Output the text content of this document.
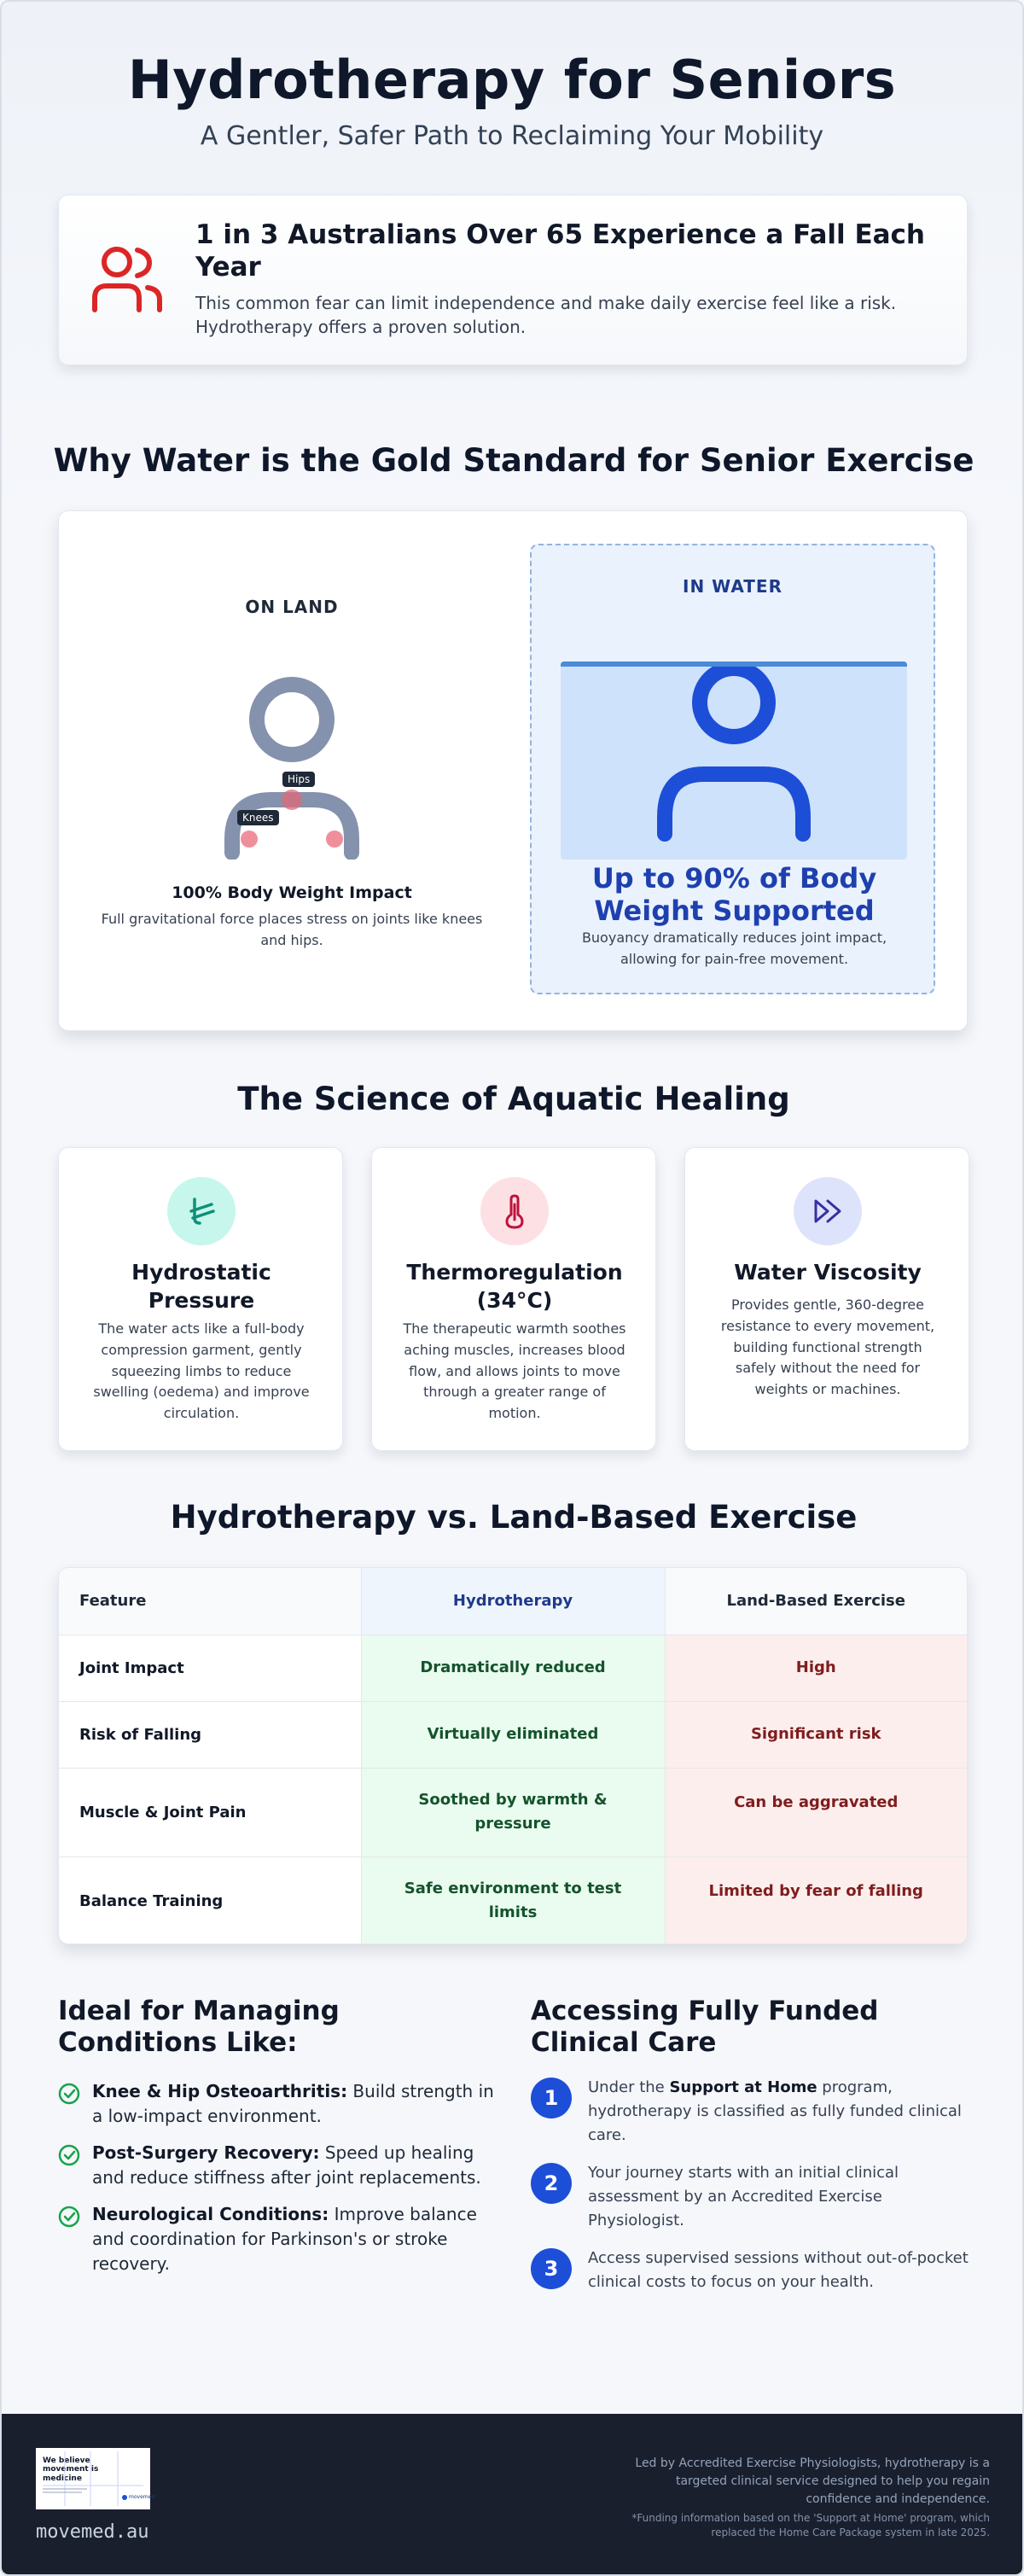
Hydrotherapy for Seniors
A Gentler, Safer Path to Reclaiming Your Mobility
1 in 3 Australians Over 65 Experience a Fall Each Year

This common fear can limit independence and make daily exercise feel like a risk. Hydrotherapy offers a proven solution.

Why Water is the Gold Standard for Senior Exercise
ON LAND
Hips
Knees
100% Body Weight Impact
Full gravitational force places stress on joints like knees and hips.
IN WATER
Up to 90% of Body Weight Supported
Buoyancy dramatically reduces joint impact, allowing for pain-free movement.
The Science of Aquatic Healing
Hydrostatic Pressure

The water acts like a full-body compression garment, gently squeezing limbs to reduce swelling (oedema) and improve circulation.

Thermoregulation (34°C)

The therapeutic warmth soothes aching muscles, increases blood flow, and allows joints to move through a greater range of motion.

Water Viscosity

Provides gentle, 360-degree resistance to every movement, building functional strength safely without the need for weights or machines.

Hydrotherapy vs. Land-Based Exercise
Feature	Hydrotherapy	Land-Based Exercise
Joint Impact	Dramatically reduced	High
Risk of Falling	Virtually eliminated	Significant risk
Muscle & Joint Pain	Soothed by warmth & pressure	Can be aggravated
Balance Training	Safe environment to test limits	Limited by fear of falling
Ideal for Managing Conditions Like:
Knee & Hip Osteoarthritis: Build strength in a low-impact environment.
Post-Surgery Recovery: Speed up healing and reduce stiffness after joint replacements.
Neurological Conditions: Improve balance and coordination for Parkinson's or stroke recovery.
Accessing Fully Funded Clinical Care
1	Under the Support at Home program, hydrotherapy is classified as fully funded clinical care.
2	Your journey starts with an initial clinical assessment by an Accredited Exercise Physiologist.
3	Access supervised sessions without out-of-pocket clinical costs to focus on your health.
We believe movement is medicine
movemed
movemed.au
Led by Accredited Exercise Physiologists, hydrotherapy is a targeted clinical service designed to help you regain confidence and independence.
*Funding information based on the 'Support at Home' program, which replaced the Home Care Package system in late 2025.
